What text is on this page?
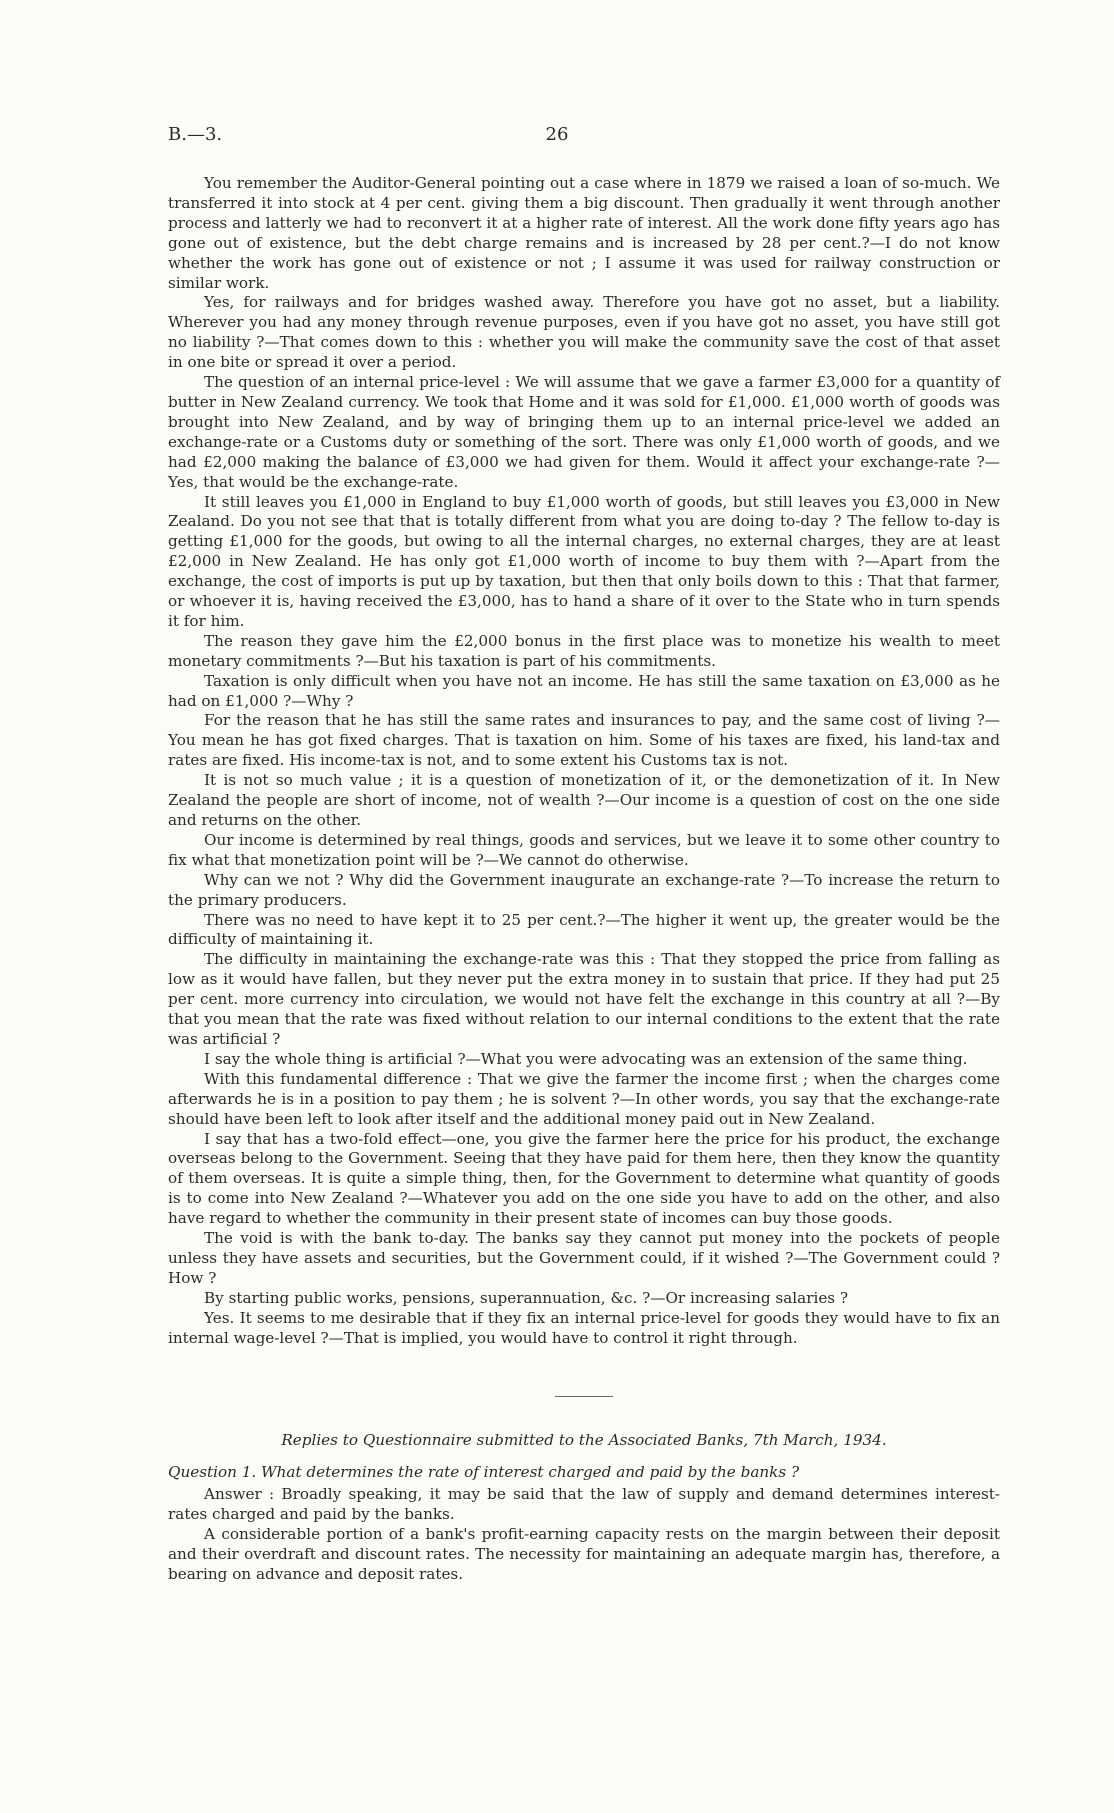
B.—3.	26

You remember the Auditor-General pointing out a case where in 1879 we raised a loan of so-much. We transferred it into stock at 4 per cent. giving them a big discount. Then gradually it went through another process and latterly we had to reconvert it at a higher rate of interest. All the work done fifty years ago has gone out of existence, but the debt charge remains and is increased by 28 per cent.?—I do not know whether the work has gone out of existence or not ; I assume it was used for railway construction or similar work.

Yes, for railways and for bridges washed away. Therefore you have got no asset, but a liability. Wherever you had any money through revenue purposes, even if you have got no asset, you have still got no liability ?—That comes down to this : whether you will make the community save the cost of that asset in one bite or spread it over a period.

The question of an internal price-level : We will assume that we gave a farmer £3,000 for a quantity of butter in New Zealand currency. We took that Home and it was sold for £1,000. £1,000 worth of goods was brought into New Zealand, and by way of bringing them up to an internal price-level we added an exchange-rate or a Customs duty or something of the sort. There was only £1,000 worth of goods, and we had £2,000 making the balance of £3,000 we had given for them. Would it affect your exchange-rate ?—Yes, that would be the exchange-rate.

It still leaves you £1,000 in England to buy £1,000 worth of goods, but still leaves you £3,000 in New Zealand. Do you not see that that is totally different from what you are doing to-day ? The fellow to-day is getting £1,000 for the goods, but owing to all the internal charges, no external charges, they are at least £2,000 in New Zealand. He has only got £1,000 worth of income to buy them with ?—Apart from the exchange, the cost of imports is put up by taxation, but then that only boils down to this : That that farmer, or whoever it is, having received the £3,000, has to hand a share of it over to the State who in turn spends it for him.

The reason they gave him the £2,000 bonus in the first place was to monetize his wealth to meet monetary commitments ?—But his taxation is part of his commitments.

Taxation is only difficult when you have not an income. He has still the same taxation on £3,000 as he had on £1,000 ?—Why ?

For the reason that he has still the same rates and insurances to pay, and the same cost of living ?—You mean he has got fixed charges. That is taxation on him. Some of his taxes are fixed, his land-tax and rates are fixed. His income-tax is not, and to some extent his Customs tax is not.

It is not so much value ; it is a question of monetization of it, or the demonetization of it. In New Zealand the people are short of income, not of wealth ?—Our income is a question of cost on the one side and returns on the other.

Our income is determined by real things, goods and services, but we leave it to some other country to fix what that monetization point will be ?—We cannot do otherwise.

Why can we not ? Why did the Government inaugurate an exchange-rate ?—To increase the return to the primary producers.

There was no need to have kept it to 25 per cent.?—The higher it went up, the greater would be the difficulty of maintaining it.

The difficulty in maintaining the exchange-rate was this : That they stopped the price from falling as low as it would have fallen, but they never put the extra money in to sustain that price. If they had put 25 per cent. more currency into circulation, we would not have felt the exchange in this country at all ?—By that you mean that the rate was fixed without relation to our internal conditions to the extent that the rate was artificial ?

I say the whole thing is artificial ?—What you were advocating was an extension of the same thing.

With this fundamental difference : That we give the farmer the income first ; when the charges come afterwards he is in a position to pay them ; he is solvent ?—In other words, you say that the exchange-rate should have been left to look after itself and the additional money paid out in New Zealand.

I say that has a two-fold effect—one, you give the farmer here the price for his product, the exchange overseas belong to the Government. Seeing that they have paid for them here, then they know the quantity of them overseas. It is quite a simple thing, then, for the Government to determine what quantity of goods is to come into New Zealand ?—Whatever you add on the one side you have to add on the other, and also have regard to whether the community in their present state of incomes can buy those goods.

The void is with the bank to-day. The banks say they cannot put money into the pockets of people unless they have assets and securities, but the Government could, if it wished ?—The Government could ? How ?

By starting public works, pensions, superannuation, &c. ?—Or increasing salaries ?

Yes. It seems to me desirable that if they fix an internal price-level for goods they would have to fix an internal wage-level ?—That is implied, you would have to control it right through.

Replies to Questionnaire submitted to the Associated Banks, 7th March, 1934.

Question 1. What determines the rate of interest charged and paid by the banks ?

Answer : Broadly speaking, it may be said that the law of supply and demand determines interest-rates charged and paid by the banks.

A considerable portion of a bank's profit-earning capacity rests on the margin between their deposit and their overdraft and discount rates. The necessity for maintaining an adequate margin has, therefore, a bearing on advance and deposit rates.
